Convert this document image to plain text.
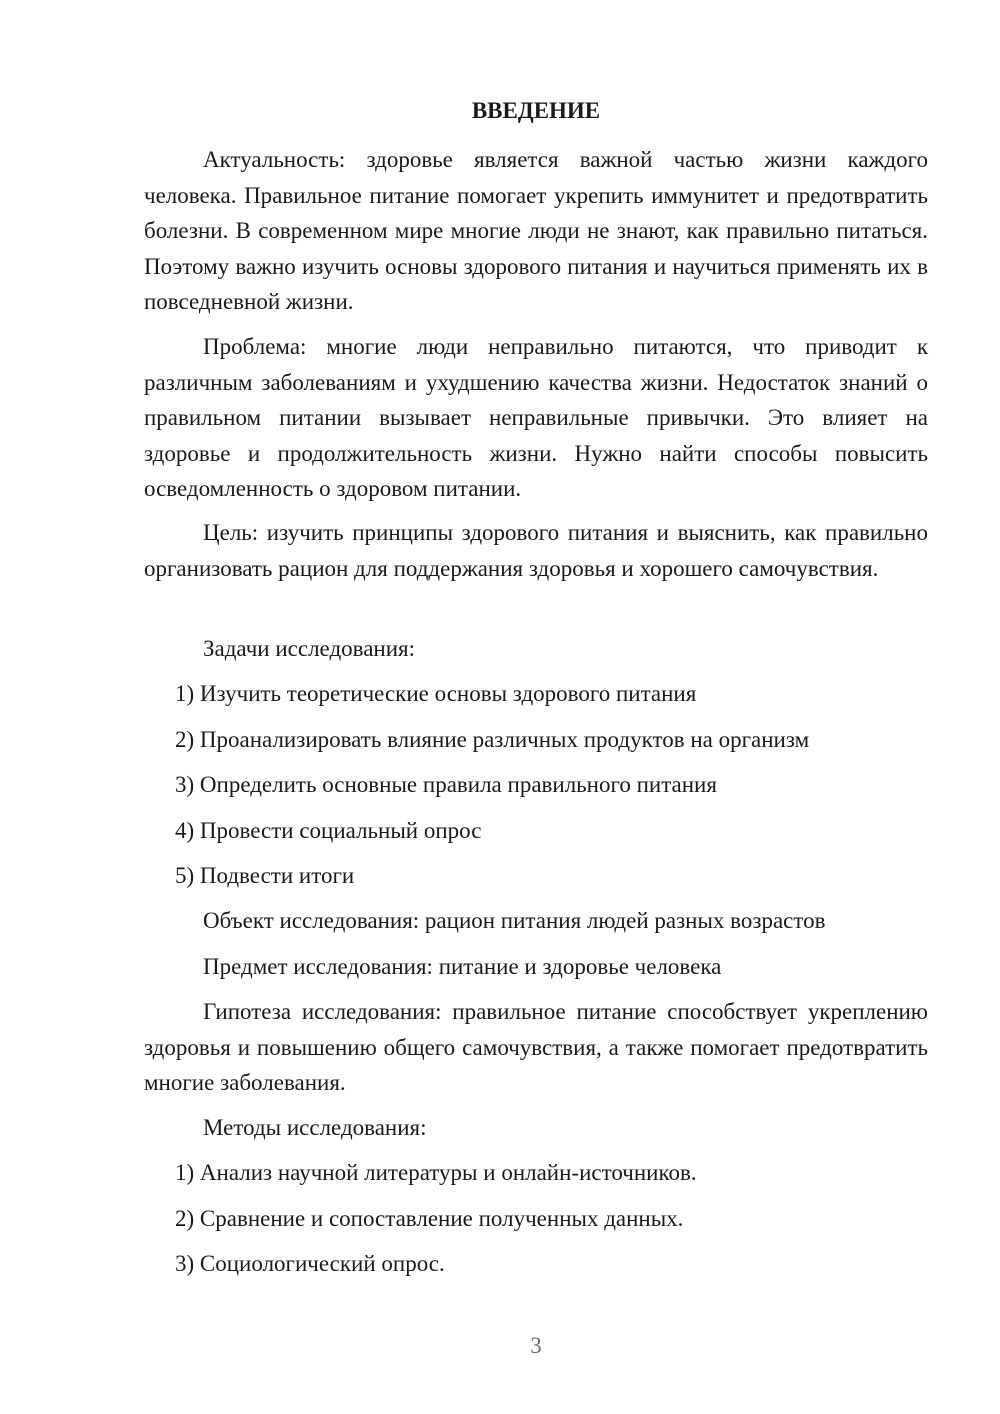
ВВЕДЕНИЕ

Актуальность: здоровье является важной частью жизни каждого человека. Правильное питание помогает укрепить иммунитет и предотвратить болезни. В современном мире многие люди не знают, как правильно питаться. Поэтому важно изучить основы здорового питания и научиться применять их в повседневной жизни.

Проблема: многие люди неправильно питаются, что приводит к различным заболеваниям и ухудшению качества жизни. Недостаток знаний о правильном питании вызывает неправильные привычки. Это влияет на здоровье и продолжительность жизни. Нужно найти способы повысить осведомленность о здоровом питании.

Цель: изучить принципы здорового питания и выяснить, как правильно организовать рацион для поддержания здоровья и хорошего самочувствия.

Задачи исследования:

1) Изучить теоретические основы здорового питания

2) Проанализировать влияние различных продуктов на организм

3) Определить основные правила правильного питания

4) Провести социальный опрос

5) Подвести итоги

Объект исследования: рацион питания людей разных возрастов

Предмет исследования: питание и здоровье человека

Гипотеза исследования: правильное питание способствует укреплению здоровья и повышению общего самочувствия, а также помогает предотвратить многие заболевания.

Методы исследования:

1) Анализ научной литературы и онлайн-источников.

2) Сравнение и сопоставление полученных данных.

3) Социологический опрос.

3
